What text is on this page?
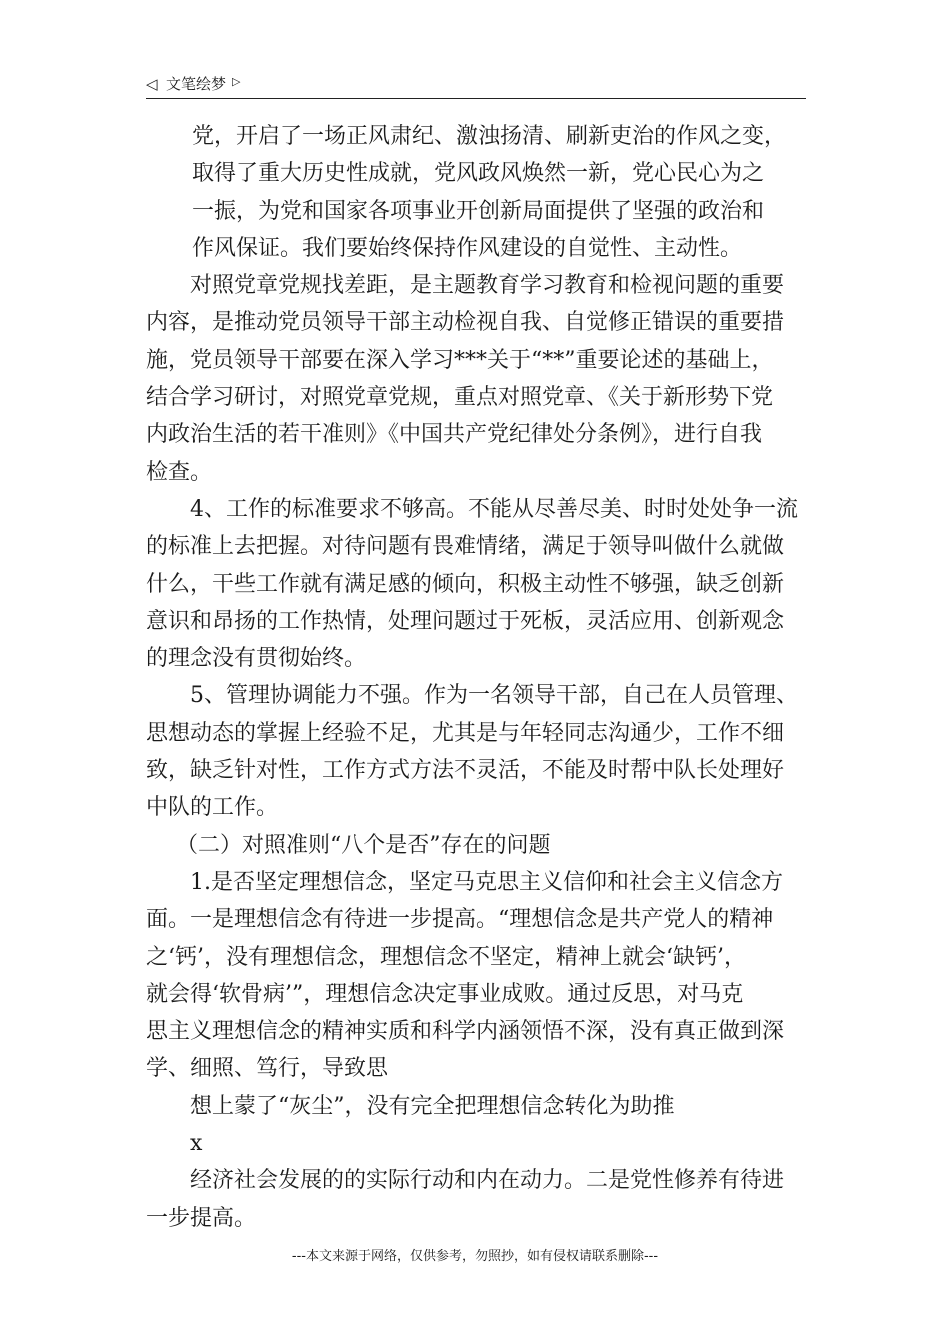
◁ 文笔绘梦 ▷
党，开启了一场正风肃纪、激浊扬清、刷新吏治的作风之变，
取得了重大历史性成就，党风政风焕然一新，党心民心为之
一振，为党和国家各项事业开创新局面提供了坚强的政治和
作风保证。我们要始终保持作风建设的自觉性、主动性。
对照党章党规找差距，是主题教育学习教育和检视问题的重要
内容，是推动党员领导干部主动检视自我、自觉修正错误的重要措
施，党员领导干部要在深入学习***关于“**”重要论述的基础上，
结合学习研讨，对照党章党规，重点对照党章、《关于新形势下党
内政治生活的若干准则》《中国共产党纪律处分条例》，进行自我
检查。
4、工作的标准要求不够高。不能从尽善尽美、时时处处争一流
的标准上去把握。对待问题有畏难情绪，满足于领导叫做什么就做
什么，干些工作就有满足感的倾向，积极主动性不够强，缺乏创新
意识和昂扬的工作热情，处理问题过于死板，灵活应用、创新观念
的理念没有贯彻始终。
5、管理协调能力不强。作为一名领导干部，自己在人员管理、
思想动态的掌握上经验不足，尤其是与年轻同志沟通少，工作不细
致，缺乏针对性，工作方式方法不灵活，不能及时帮中队长处理好
中队的工作。
（二）对照准则“八个是否”存在的问题
1.是否坚定理想信念，坚定马克思主义信仰和社会主义信念方
面。一是理想信念有待进一步提高。“理想信念是共产党人的精神
之‘钙’，没有理想信念，理想信念不坚定，精神上就会‘缺钙’，
就会得‘软骨病’”，理想信念决定事业成败。通过反思，对马克
思主义理想信念的精神实质和科学内涵领悟不深，没有真正做到深
学、细照、笃行，导致思
想上蒙了“灰尘”，没有完全把理想信念转化为助推
x
经济社会发展的的实际行动和内在动力。二是党性修养有待进
一步提高。
---本文来源于网络，仅供参考，勿照抄，如有侵权请联系删除---
